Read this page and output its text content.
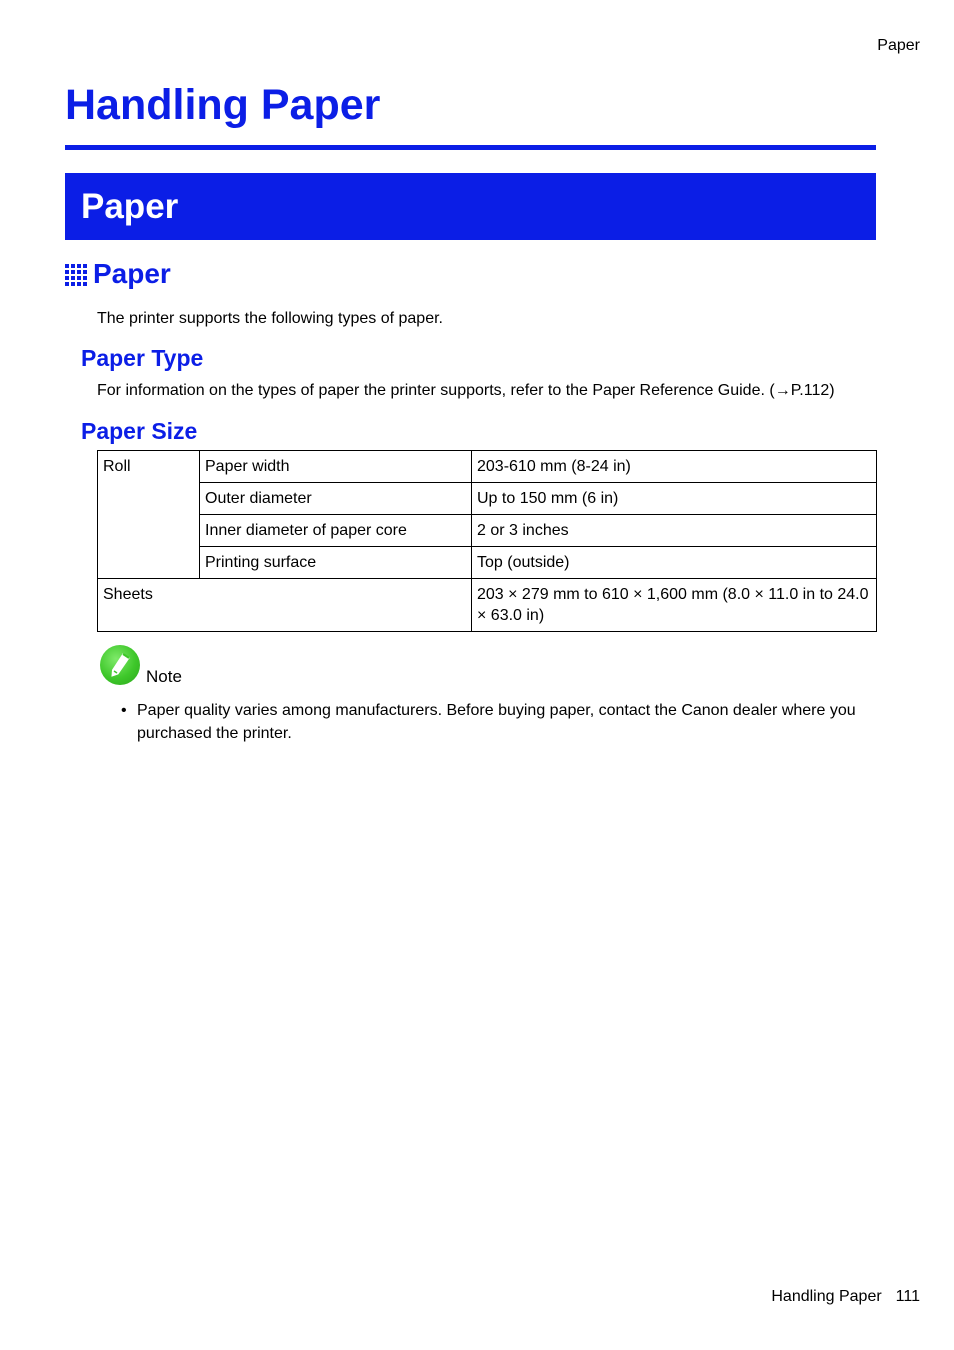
Paper
Handling Paper
Paper
Paper

The printer supports the following types of paper.

Paper Type

For information on the types of paper the printer supports, refer to the Paper Reference Guide. (→P.112)

Paper Size
Roll	Paper width	203-610 mm (8-24 in)
	Outer diameter	Up to 150 mm (6 in)
	Inner diameter of paper core	2 or 3 inches
	Printing surface	Top (outside)
Sheets		203 × 279 mm to 610 × 1,600 mm (8.0 × 11.0 in to 24.0 × 63.0 in)
Note
• Paper quality varies among manufacturers. Before buying paper, contact the Canon dealer where you purchased the printer.
Handling Paper 111
